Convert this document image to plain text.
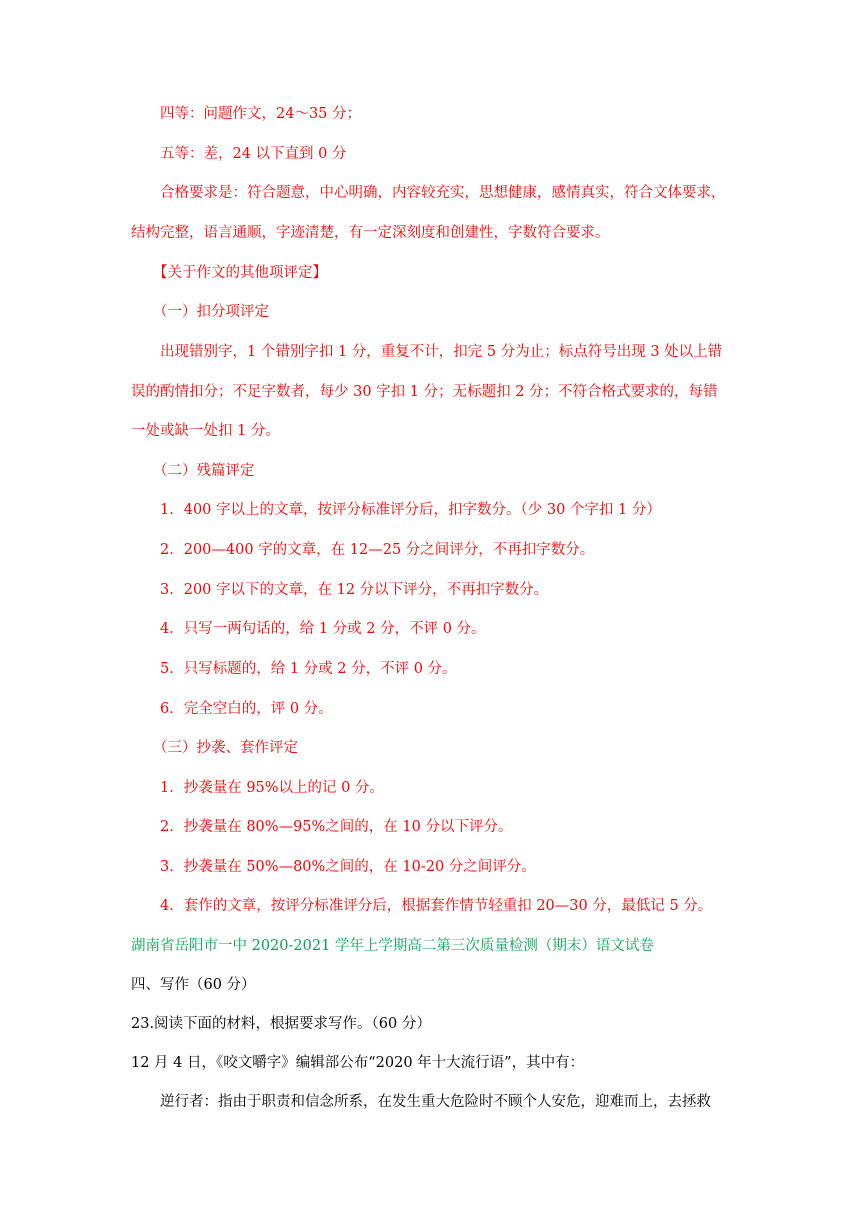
四等：问题作文，24～35 分；
五等：差，24 以下直到 0 分
合格要求是：符合题意，中心明确，内容较充实，思想健康，感情真实，符合文体要求，
结构完整，语言通顺，字迹清楚，有一定深刻度和创建性，字数符合要求。
【关于作文的其他项评定】
（一）扣分项评定
出现错别字，1 个错别字扣 1 分，重复不计，扣完 5 分为止；标点符号出现 3 处以上错
误的酌情扣分；不足字数者，每少 30 字扣 1 分；无标题扣 2 分；不符合格式要求的，每错
一处或缺一处扣 1 分。
（二）残篇评定
1．400 字以上的文章，按评分标准评分后，扣字数分。（少 30 个字扣 1 分）
2．200—400 字的文章，在 12—25 分之间评分，不再扣字数分。
3．200 字以下的文章，在 12 分以下评分，不再扣字数分。
4．只写一两句话的，给 1 分或 2 分，不评 0 分。
5．只写标题的，给 1 分或 2 分，不评 0 分。
6．完全空白的，评 0 分。
（三）抄袭、套作评定
1．抄袭量在 95%以上的记 0 分。
2．抄袭量在 80%—95%之间的，在 10 分以下评分。
3．抄袭量在 50%—80%之间的，在 10-20 分之间评分。
4．套作的文章，按评分标准评分后，根据套作情节轻重扣 20—30 分，最低记 5 分。
湖南省岳阳市一中 2020-2021 学年上学期高二第三次质量检测（期末）语文试卷
四、写作（60 分）
23.阅读下面的材料，根据要求写作。（60 分）
12 月 4 日，《咬文嚼字》编辑部公布“2020 年十大流行语”，其中有：
逆行者：指由于职责和信念所系，在发生重大危险时不顾个人安危，迎难而上，去拯救
